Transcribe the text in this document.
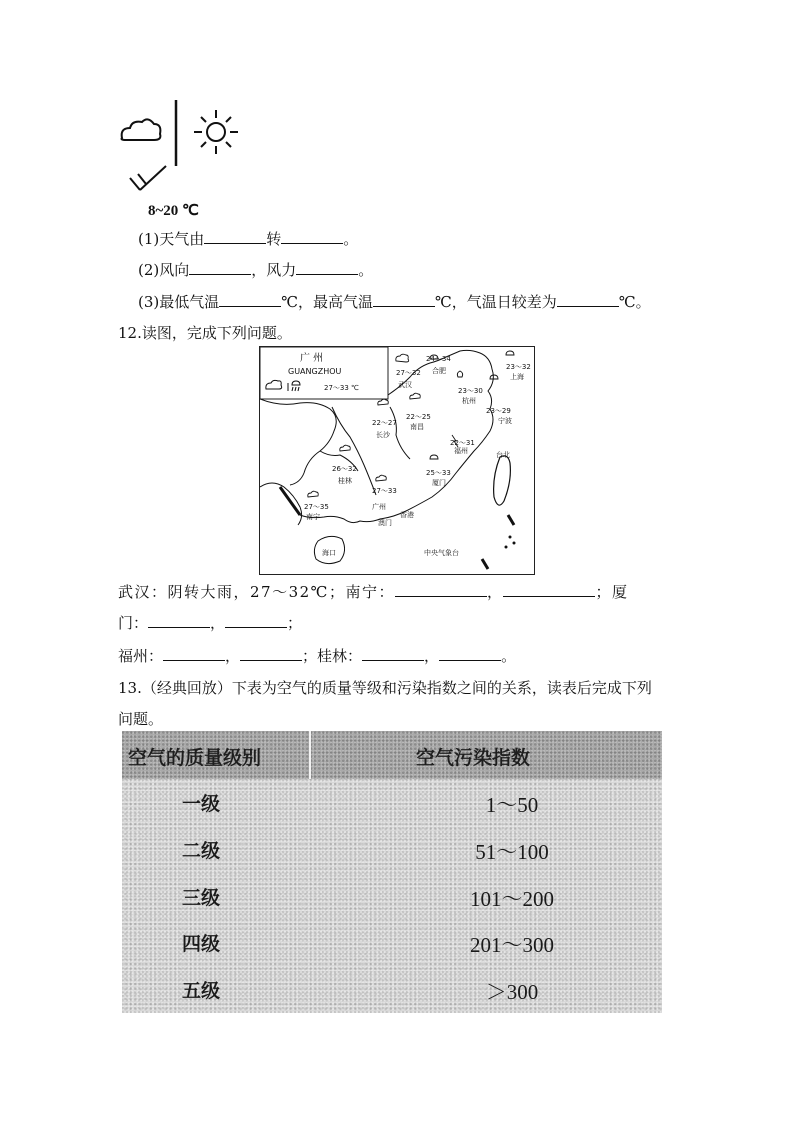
8~20 ℃
(1)天气由	转	。
(2)风向	，风力	。
(3)最低气温	℃，最高气温	℃，气温日较差为	℃。
12.读图，完成下列问题。
广 州
GUANGZHOU
27～33 ℃
24～34
合肥
27～32
武汉
23～32
上海
23～30
杭州
23～29
宁波
22～27
长沙
22～25
南昌
22～31
福州
25～33
厦门
26～32
桂林
27～35
南宁
27～33
广州
香港
澳门
海口
台北
中央气象台
武汉：阴转大雨，27～32℃；南宁：	，	；厦
门：	，	；
福州：	，	；桂林：	，	。
13.（经典回放）下表为空气的质量等级和污染指数之间的关系，读表后完成下列
问题。
空气的质量级别	空气污染指数
一级	1～50
二级	51～100
三级	101～200
四级	201～300
五级	＞300
